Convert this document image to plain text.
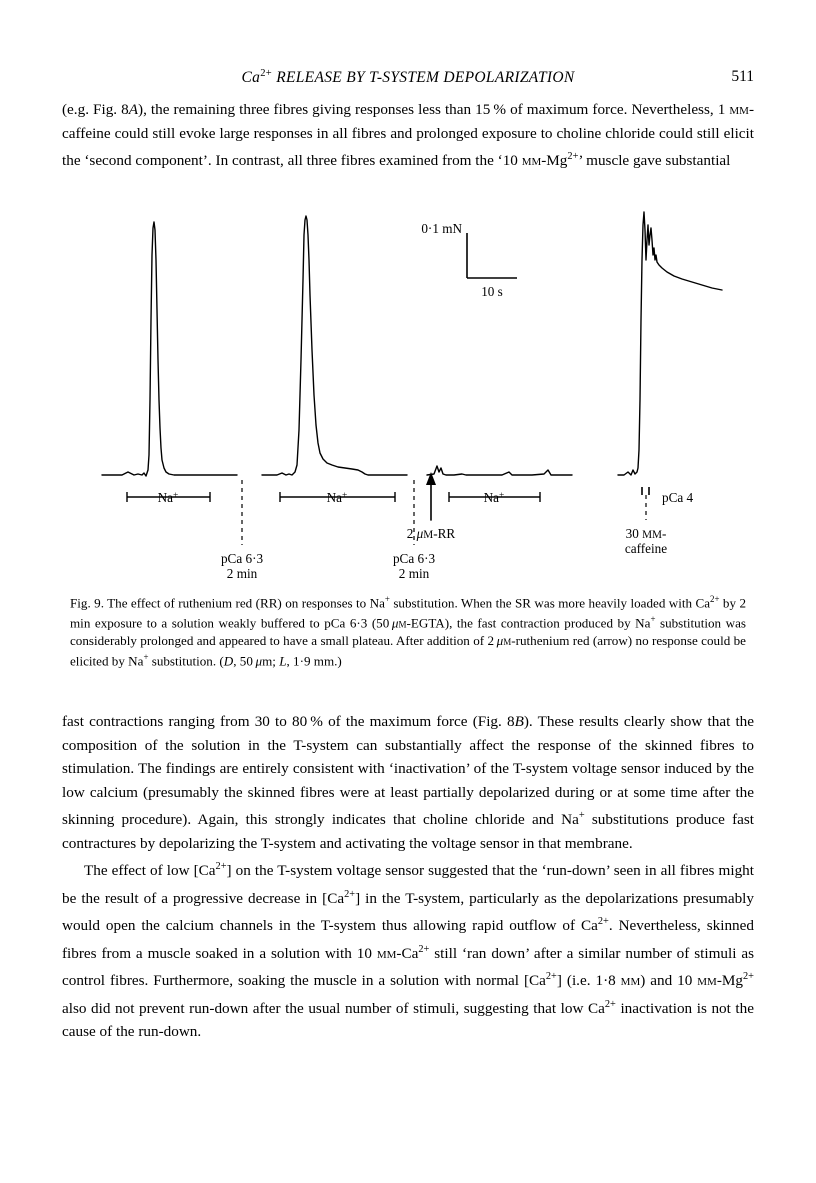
$Ca^{2+}$ RELEASE BY T-SYSTEM DEPOLARIZATION	511
(e.g. Fig. 8A), the remaining three fibres giving responses less than 15 % of maximum force. Nevertheless, 1 mm-caffeine could still evoke large responses in all fibres and prolonged exposure to choline chloride could still elicit the ‘second component’. In contrast, all three fibres examined from the ‘10 $mm-Mg^{2+}$’ muscle gave substantial
0·1 mN
10 s
Na+	Na+	Na+
pCa 6·3
2 min
pCa 6·3
2 min
2 μM-RR
pCa 4
30 MM-
caffeine
Fig. 9. The effect of ruthenium red (RR) on responses to Na+ substitution. When the SR was more heavily loaded with $Ca^{2+}$ by 2 min exposure to a solution weakly buffered to pCa 6·3 (50 μm-EGTA), the fast contraction produced by Na+ substitution was considerably prolonged and appeared to have a small plateau. After addition of 2 μm-ruthenium red (arrow) no response could be elicited by Na+ substitution. (D, 50 μm; L, 1·9 mm.)

fast contractions ranging from 30 to 80 % of the maximum force (Fig. 8B). These results clearly show that the composition of the solution in the T-system can substantially affect the response of the skinned fibres to stimulation. The findings are entirely consistent with ‘inactivation’ of the T-system voltage sensor induced by the low calcium (presumably the skinned fibres were at least partially depolarized during or at some time after the skinning procedure). Again, this strongly indicates that choline chloride and Na+ substitutions produce fast contractures by depolarizing the T-system and activating the voltage sensor in that membrane.

The effect of low $[Ca^{2+}]$ on the T-system voltage sensor suggested that the ‘run-down’ seen in all fibres might be the result of a progressive decrease in $[Ca^{2+}]$ in the T-system, particularly as the depolarizations presumably would open the calcium channels in the T-system thus allowing rapid outflow of $Ca^{2+}$. Nevertheless, skinned fibres from a muscle soaked in a solution with 10 $mm-Ca^{2+}$ still ‘ran down’ after a similar number of stimuli as control fibres. Furthermore, soaking the muscle in a solution with normal $[Ca^{2+}]$ (i.e. 1·8 mm) and 10 $mm-Mg^{2+}$ also did not prevent run-down after the usual number of stimuli, suggesting that low $Ca^{2+}$ inactivation is not the cause of the run-down.
